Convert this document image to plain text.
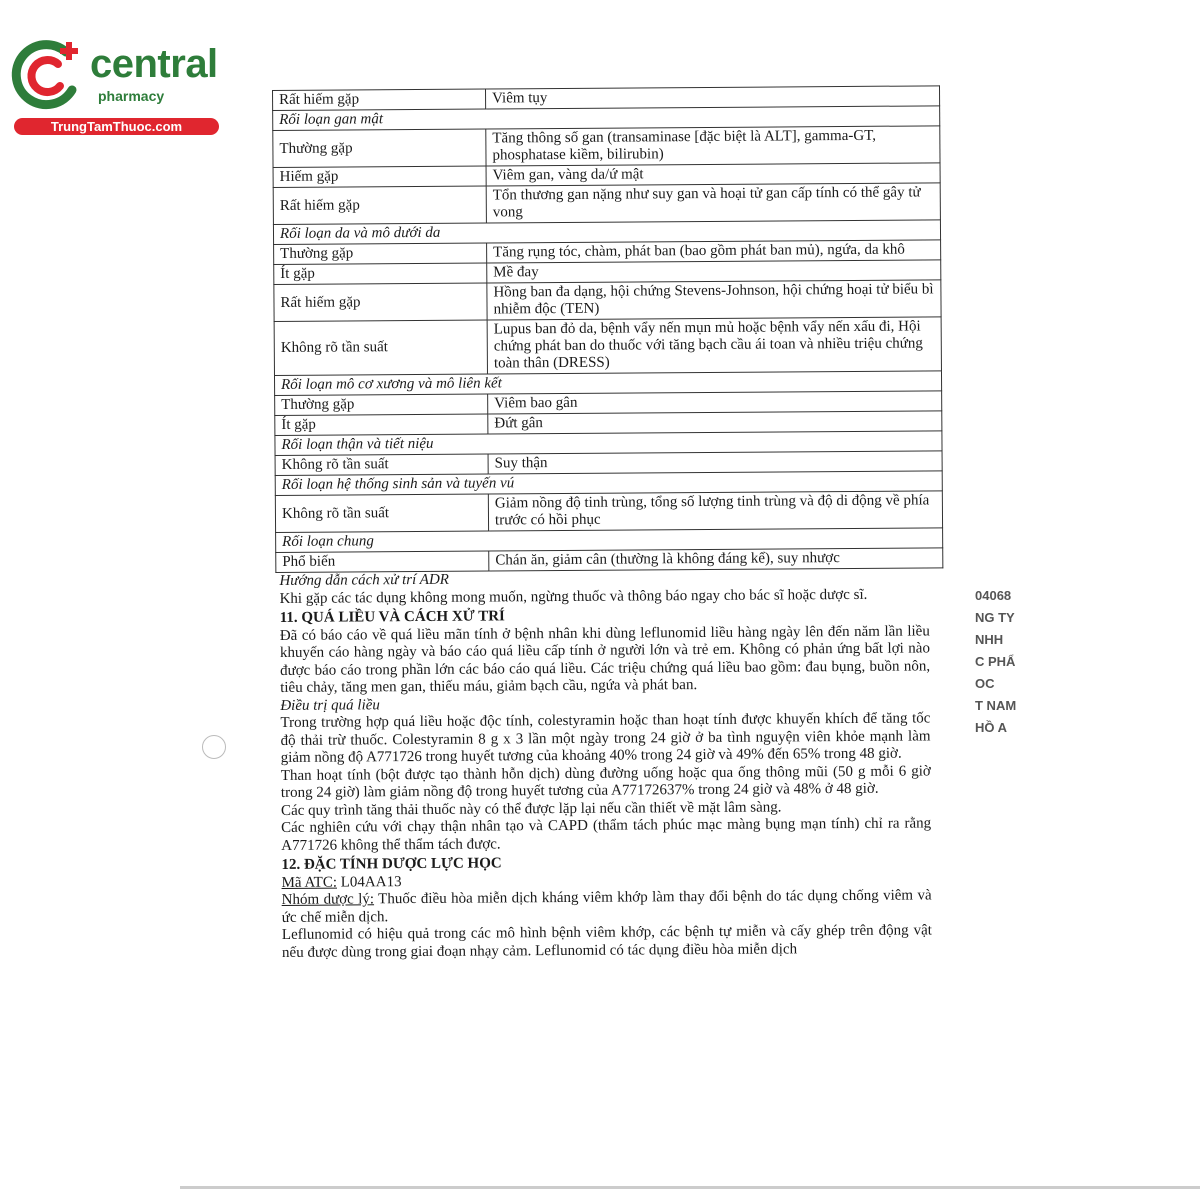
central
pharmacy
TrungTamThuoc.com
04068
NG TY
NHH
C PHẨ
OC
T NAM
HỒ A
Rất hiếm gặp	Viêm tụy
Rối loạn gan mật	
Thường gặp	Tăng thông số gan (transaminase [đặc biệt là ALT], gamma-GT, phosphatase kiềm, bilirubin)
Hiếm gặp	Viêm gan, vàng da/ứ mật
Rất hiếm gặp	Tổn thương gan nặng như suy gan và hoại tử gan cấp tính có thể gây tử vong
Rối loạn da và mô dưới da	
Thường gặp	Tăng rụng tóc, chàm, phát ban (bao gồm phát ban mủ), ngứa, da khô
Ít gặp	Mề đay
Rất hiếm gặp	Hồng ban đa dạng, hội chứng Stevens-Johnson, hội chứng hoại tử biểu bì nhiễm độc (TEN)
Không rõ tần suất	Lupus ban đỏ da, bệnh vẩy nến mụn mủ hoặc bệnh vẩy nến xấu đi, Hội chứng phát ban do thuốc với tăng bạch cầu ái toan và nhiều triệu chứng toàn thân (DRESS)
Rối loạn mô cơ xương và mô liên kết	
Thường gặp	Viêm bao gân
Ít gặp	Đứt gân
Rối loạn thận và tiết niệu	
Không rõ tần suất	Suy thận
Rối loạn hệ thống sinh sản và tuyến vú	
Không rõ tần suất	Giảm nồng độ tinh trùng, tổng số lượng tinh trùng và độ di động về phía trước có hồi phục
Rối loạn chung	
Phổ biến	Chán ăn, giảm cân (thường là không đáng kể), suy nhược

Hướng dẫn cách xử trí ADR

Khi gặp các tác dụng không mong muốn, ngừng thuốc và thông báo ngay cho bác sĩ hoặc dược sĩ.

11. QUÁ LIỀU VÀ CÁCH XỬ TRÍ

Đã có báo cáo về quá liều mãn tính ở bệnh nhân khi dùng leflunomid liều hàng ngày lên đến năm lần liều khuyến cáo hàng ngày và báo cáo quá liều cấp tính ở người lớn và trẻ em. Không có phản ứng bất lợi nào được báo cáo trong phần lớn các báo cáo quá liều. Các triệu chứng quá liều bao gồm: đau bụng, buồn nôn, tiêu chảy, tăng men gan, thiếu máu, giảm bạch cầu, ngứa và phát ban.

Điều trị quá liều

Trong trường hợp quá liều hoặc độc tính, colestyramin hoặc than hoạt tính được khuyến khích để tăng tốc độ thải trừ thuốc. Colestyramin 8 g x 3 lần một ngày trong 24 giờ ở ba tình nguyện viên khỏe mạnh làm giảm nồng độ A771726 trong huyết tương của khoảng 40% trong 24 giờ và 49% đến 65% trong 48 giờ.

Than hoạt tính (bột được tạo thành hỗn dịch) dùng đường uống hoặc qua ống thông mũi (50 g mỗi 6 giờ trong 24 giờ) làm giảm nồng độ trong huyết tương của A77172637% trong 24 giờ và 48% ở 48 giờ.

Các quy trình tăng thải thuốc này có thể được lặp lại nếu cần thiết về mặt lâm sàng.

Các nghiên cứu với chạy thận nhân tạo và CAPD (thẩm tách phúc mạc màng bụng mạn tính) chỉ ra rằng A771726 không thể thẩm tách được.

12. ĐẶC TÍNH DƯỢC LỰC HỌC

Mã ATC: L04AA13

Nhóm dược lý: Thuốc điều hòa miễn dịch kháng viêm khớp làm thay đổi bệnh do tác dụng chống viêm và ức chế miễn dịch.

Leflunomid có hiệu quả trong các mô hình bệnh viêm khớp, các bệnh tự miễn và cấy ghép trên động vật nếu được dùng trong giai đoạn nhạy cảm. Leflunomid có tác dụng điều hòa miễn dịch
